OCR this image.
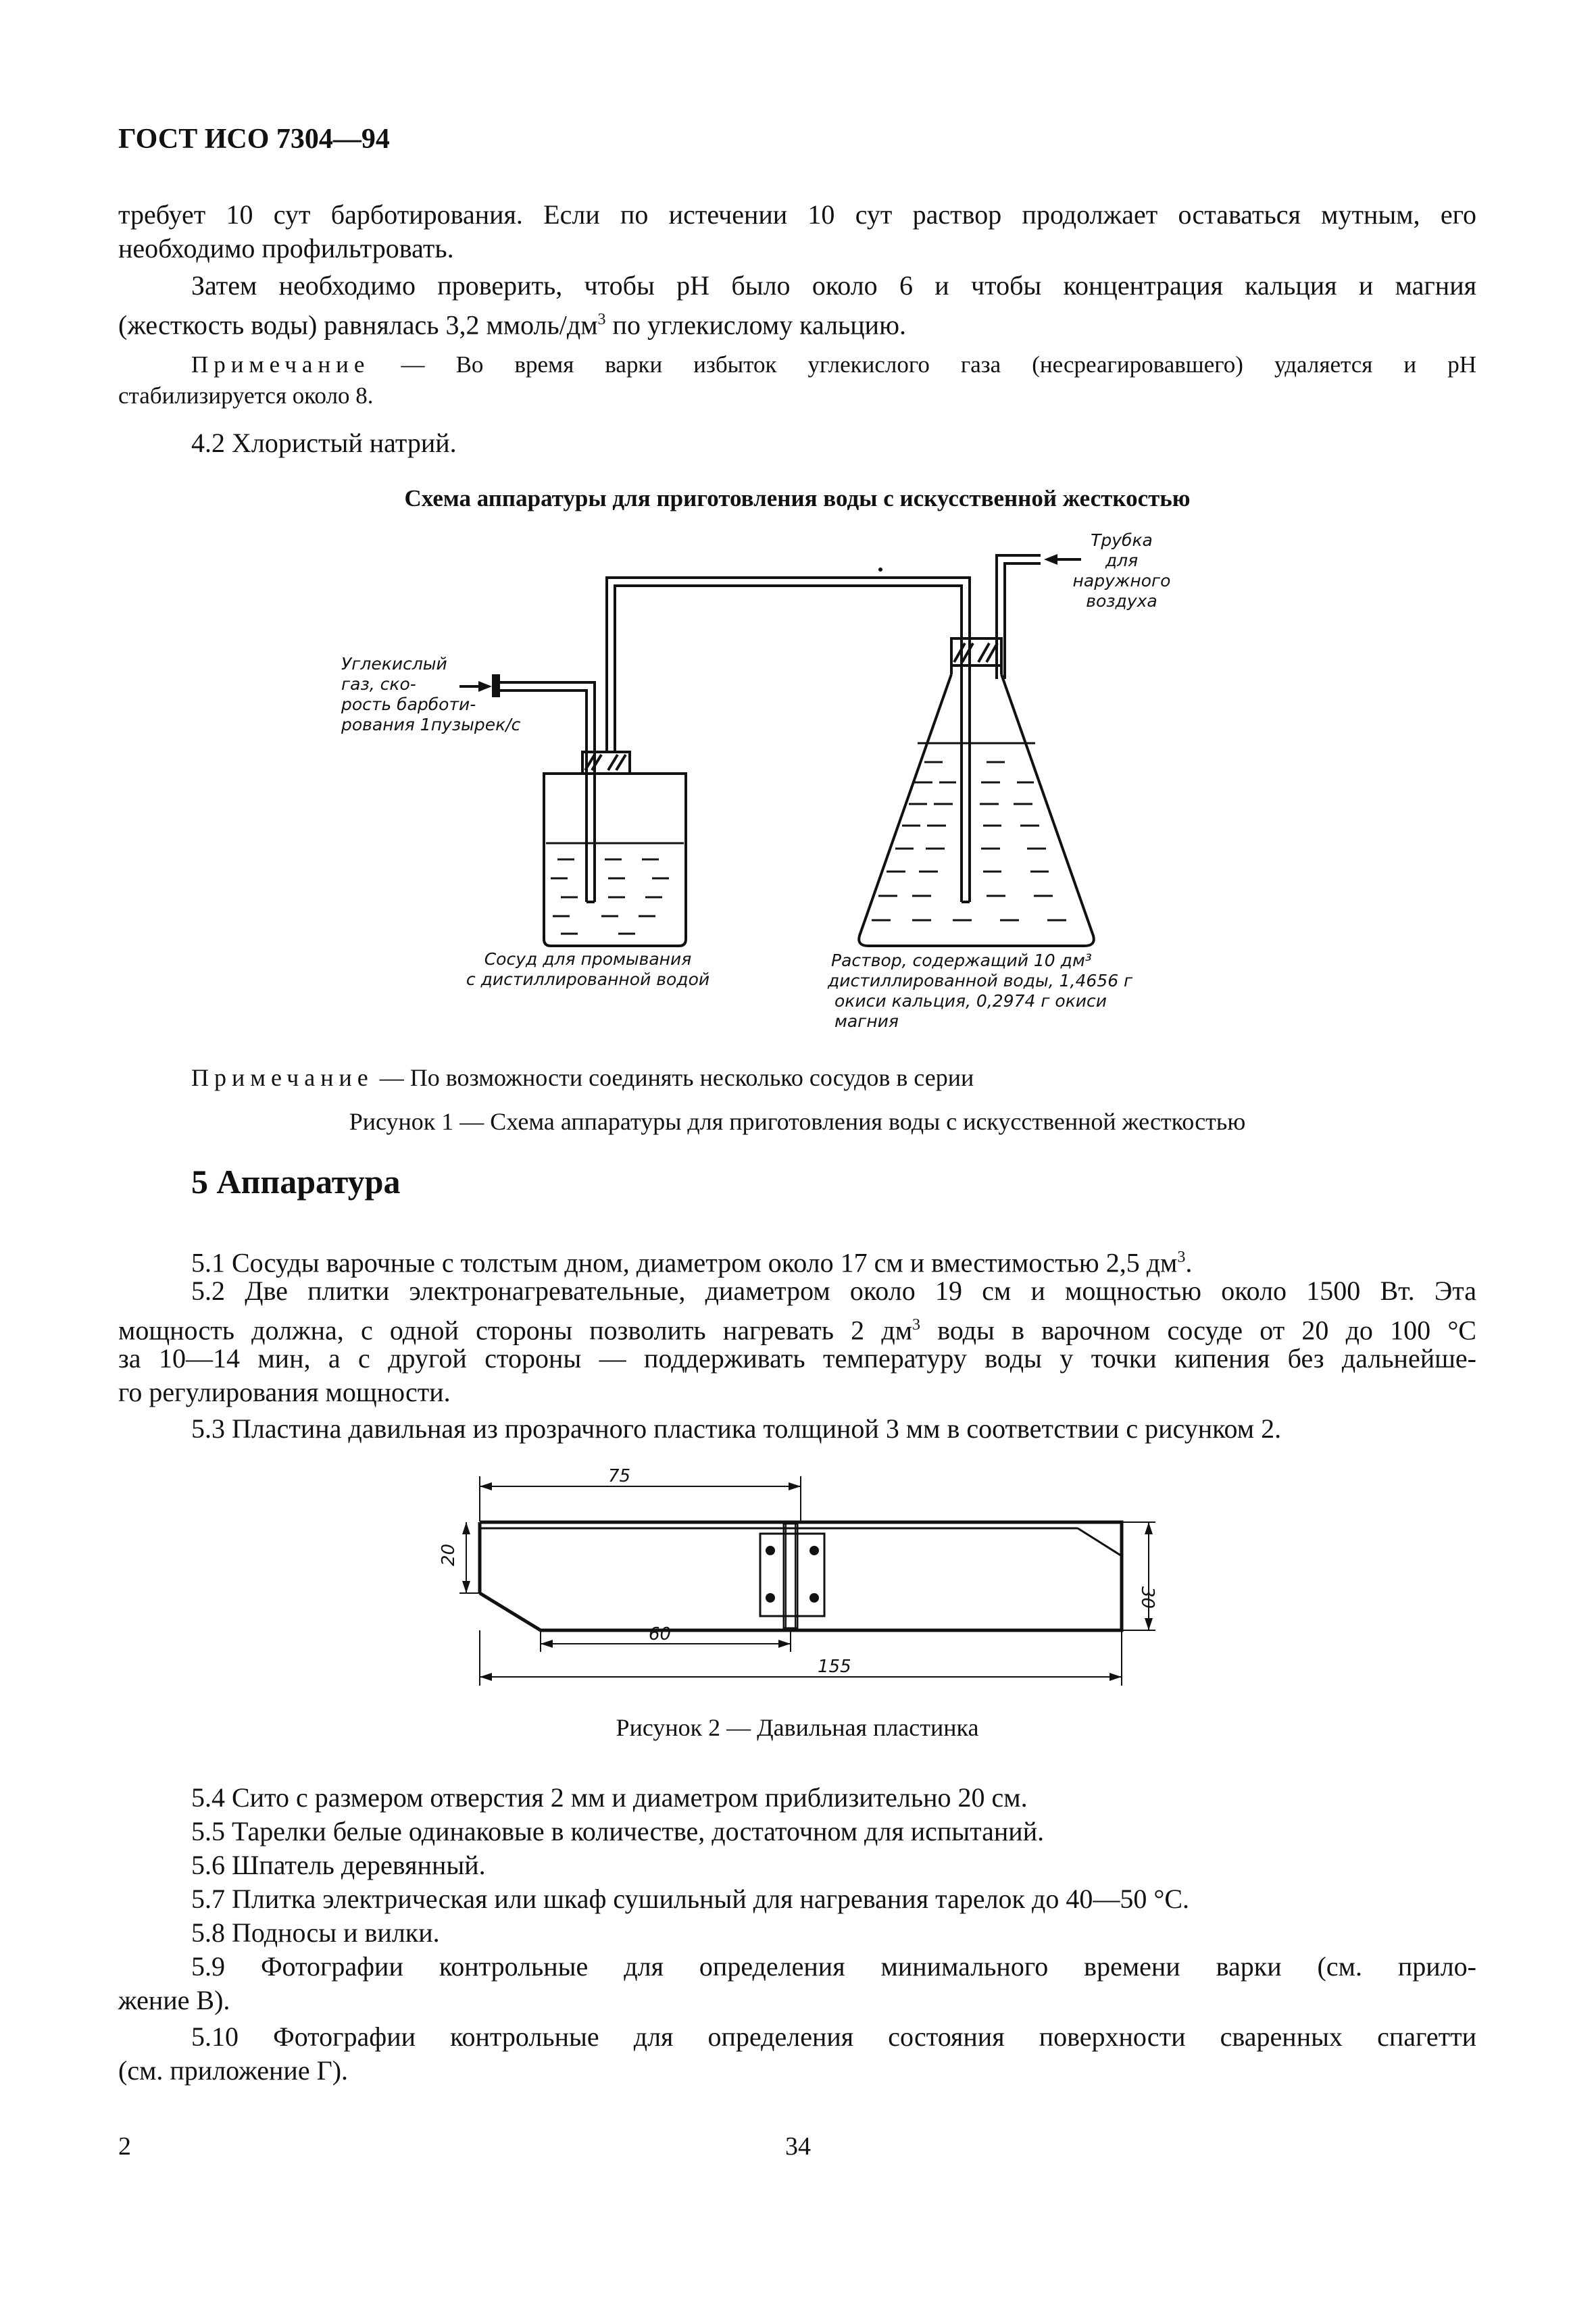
ГОСТ ИСО 7304—94
требует 10 сут барботирования. Если по истечении 10 сут раствор продолжает оставаться мутным, его
необходимо профильтровать.
Затем необходимо проверить, чтобы pH было около 6 и чтобы концентрация кальция и магния
(жесткость воды) равнялась 3,2 ммоль/$дм^3$ по углекислому кальцию.
Примечание — Во время варки избыток углекислого газа (несреагировавшего) удаляется и pH
стабилизируется около 8.
4.2 Хлористый натрий.
Схема аппаратуры для приготовления воды с искусственной жесткостью
Трубка
для
наружного
воздуха
Углекислый
газ, ско-
рость барботи-
рования 1пузырек/с
Сосуд для промывания
с дистиллированной водой
Раствор, содержащий 10 дм³
дистиллированной воды, 1,4656 г
окиси кальция, 0,2974 г окиси
магния
Примечание — По возможности соединять несколько сосудов в серии
Рисунок 1 — Схема аппаратуры для приготовления воды с искусственной жесткостью
5 Аппаратура
5.1 Сосуды варочные с толстым дном, диаметром около 17 см и вместимостью 2,5 $дм^3$.
5.2 Две плитки электронагревательные, диаметром около 19 см и мощностью около 1500 Вт. Эта
мощность должна, с одной стороны позволить нагревать 2 $дм^3$ воды в варочном сосуде от 20 до 100 °С
за 10—14 мин, а с другой стороны — поддерживать температуру воды у точки кипения без дальнейше-
го регулирования мощности.
5.3 Пластина давильная из прозрачного пластика толщиной 3 мм в соответствии с рисунком 2.
75
20
30
60
155
Рисунок 2 — Давильная пластинка
5.4 Сито с размером отверстия 2 мм и диаметром приблизительно 20 см.
5.5 Тарелки белые одинаковые в количестве, достаточном для испытаний.
5.6 Шпатель деревянный.
5.7 Плитка электрическая или шкаф сушильный для нагревания тарелок до 40—50 °С.
5.8 Подносы и вилки.
5.9 Фотографии контрольные для определения минимального времени варки (см. прило-
жение В).
5.10 Фотографии контрольные для определения состояния поверхности сваренных спагетти
(см. приложение Г).
2	34
